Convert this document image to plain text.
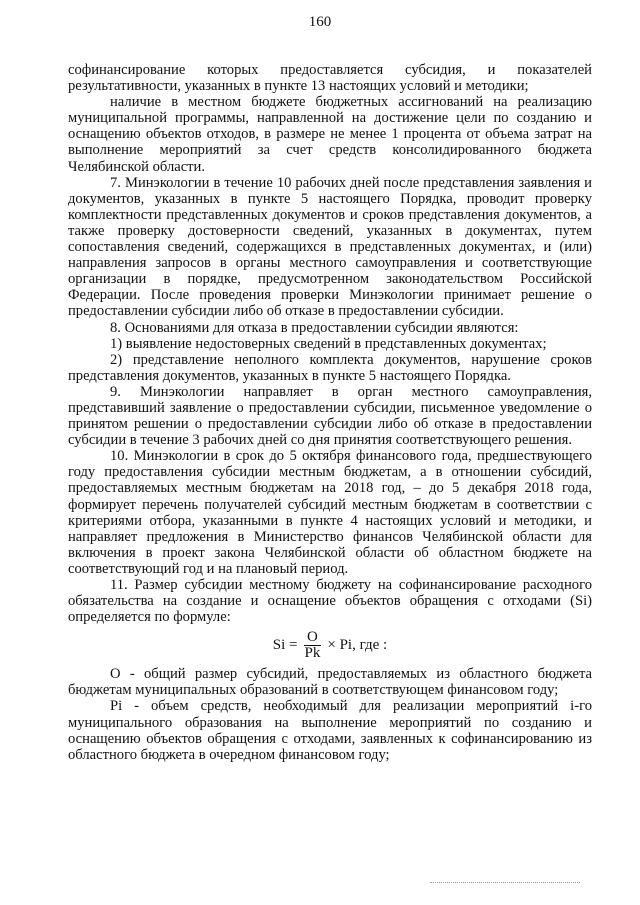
160

софинансирование которых предоставляется субсидия, и показателей результативности, указанных в пункте 13 настоящих условий и методики;

наличие в местном бюджете бюджетных ассигнований на реализацию муниципальной программы, направленной на достижение цели по созданию и оснащению объектов отходов, в размере не менее 1 процента от объема затрат на выполнение мероприятий за счет средств консолидированного бюджета Челябинской области.

7. Минэкологии в течение 10 рабочих дней после представления заявления и документов, указанных в пункте 5 настоящего Порядка, проводит проверку комплектности представленных документов и сроков представления документов, а также проверку достоверности сведений, указанных в документах, путем сопоставления сведений, содержащихся в представленных документах, и (или) направления запросов в органы местного самоуправления и соответствующие организации в порядке, предусмотренном законодательством Российской Федерации. После проведения проверки Минэкологии принимает решение о предоставлении субсидии либо об отказе в предоставлении субсидии.

8. Основаниями для отказа в предоставлении субсидии являются:

1) выявление недостоверных сведений в представленных документах;

2) представление неполного комплекта документов, нарушение сроков представления документов, указанных в пункте 5 настоящего Порядка.

9. Минэкологии направляет в орган местного самоуправления, представивший заявление о предоставлении субсидии, письменное уведомление о принятом решении о предоставлении субсидии либо об отказе в предоставлении субсидии в течение 3 рабочих дней со дня принятия соответствующего решения.

10. Минэкологии в срок до 5 октября финансового года, предшествующего году предоставления субсидии местным бюджетам, а в отношении субсидий, предоставляемых местным бюджетам на 2018 год, – до 5 декабря 2018 года, формирует перечень получателей субсидий местным бюджетам в соответствии с критериями отбора, указанными в пункте 4 настоящих условий и методики, и направляет предложения в Министерство финансов Челябинской области для включения в проект закона Челябинской области об областном бюджете на соответствующий год и на плановый период.

11. Размер субсидии местному бюджету на софинансирование расходного обязательства на создание и оснащение объектов обращения с отходами (Si) определяется по формуле:

$Si = \frac{O}{Pk} \times Pi$, где :

О - общий размер субсидий, предоставляемых из областного бюджета бюджетам муниципальных образований в соответствующем финансовом году;

Pi - объем средств, необходимый для реализации мероприятий i-го муниципального образования на выполнение мероприятий по созданию и оснащению объектов обращения с отходами, заявленных к софинансированию из областного бюджета в очередном финансовом году;
